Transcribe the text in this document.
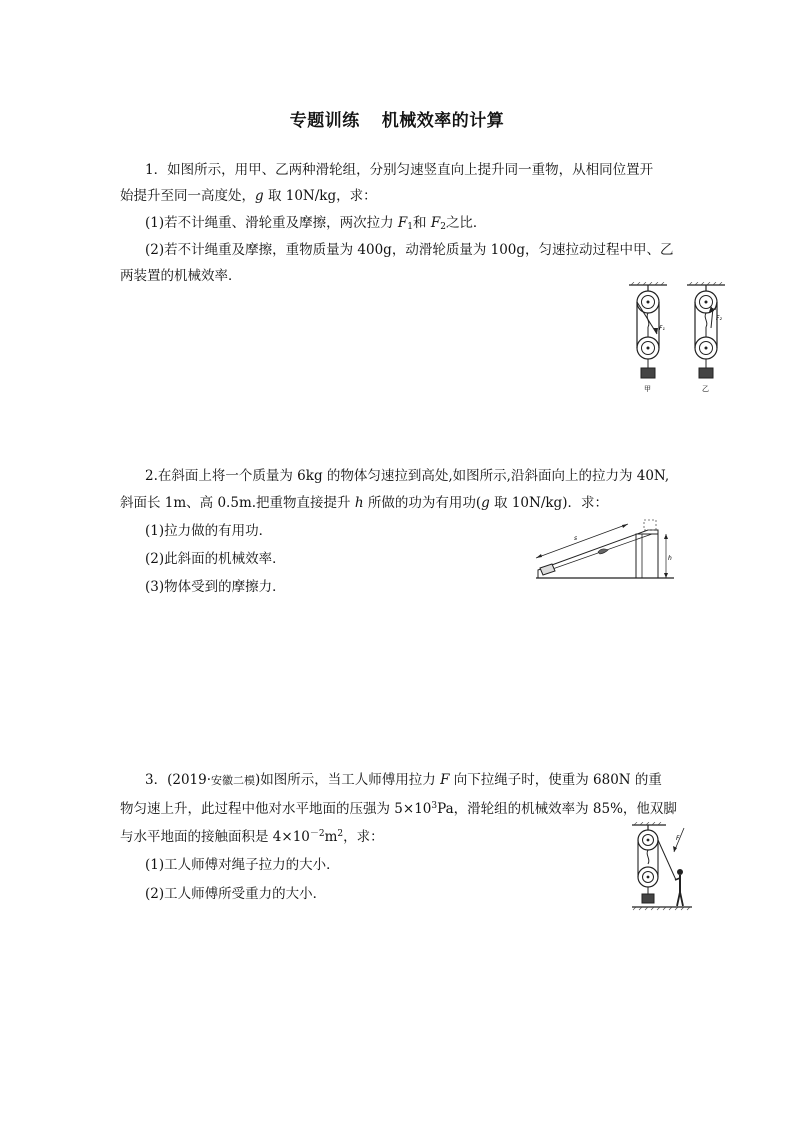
专题训练 机械效率的计算
1．如图所示，用甲、乙两种滑轮组，分别匀速竖直向上提升同一重物，从相同位置开
始提升至同一高度处，g 取 10N/kg，求：
(1)若不计绳重、滑轮重及摩擦，两次拉力 $F_1$和 $F_2$之比．
(2)若不计绳重及摩擦，重物质量为 400g，动滑轮质量为 100g，匀速拉动过程中甲、乙
两装置的机械效率．
F₁
甲
F₂
乙
2.在斜面上将一个质量为 6kg 的物体匀速拉到高处,如图所示,沿斜面向上的拉力为 40N,
斜面长 1m、高 0.5m.把重物直接提升 h 所做的功为有用功(g 取 10N/kg)．求：
(1)拉力做的有用功．
(2)此斜面的机械效率．
(3)物体受到的摩擦力．
s
h
3．(2019·安徽二模)如图所示，当工人师傅用拉力 F 向下拉绳子时，使重为 680N 的重
物匀速上升，此过程中他对水平地面的压强为 $5\times 10^3Pa$，滑轮组的机械效率为 85%，他双脚
与水平地面的接触面积是 $4\times 10^{-2}m^2$，求：
(1)工人师傅对绳子拉力的大小．
(2)工人师傅所受重力的大小．
F
